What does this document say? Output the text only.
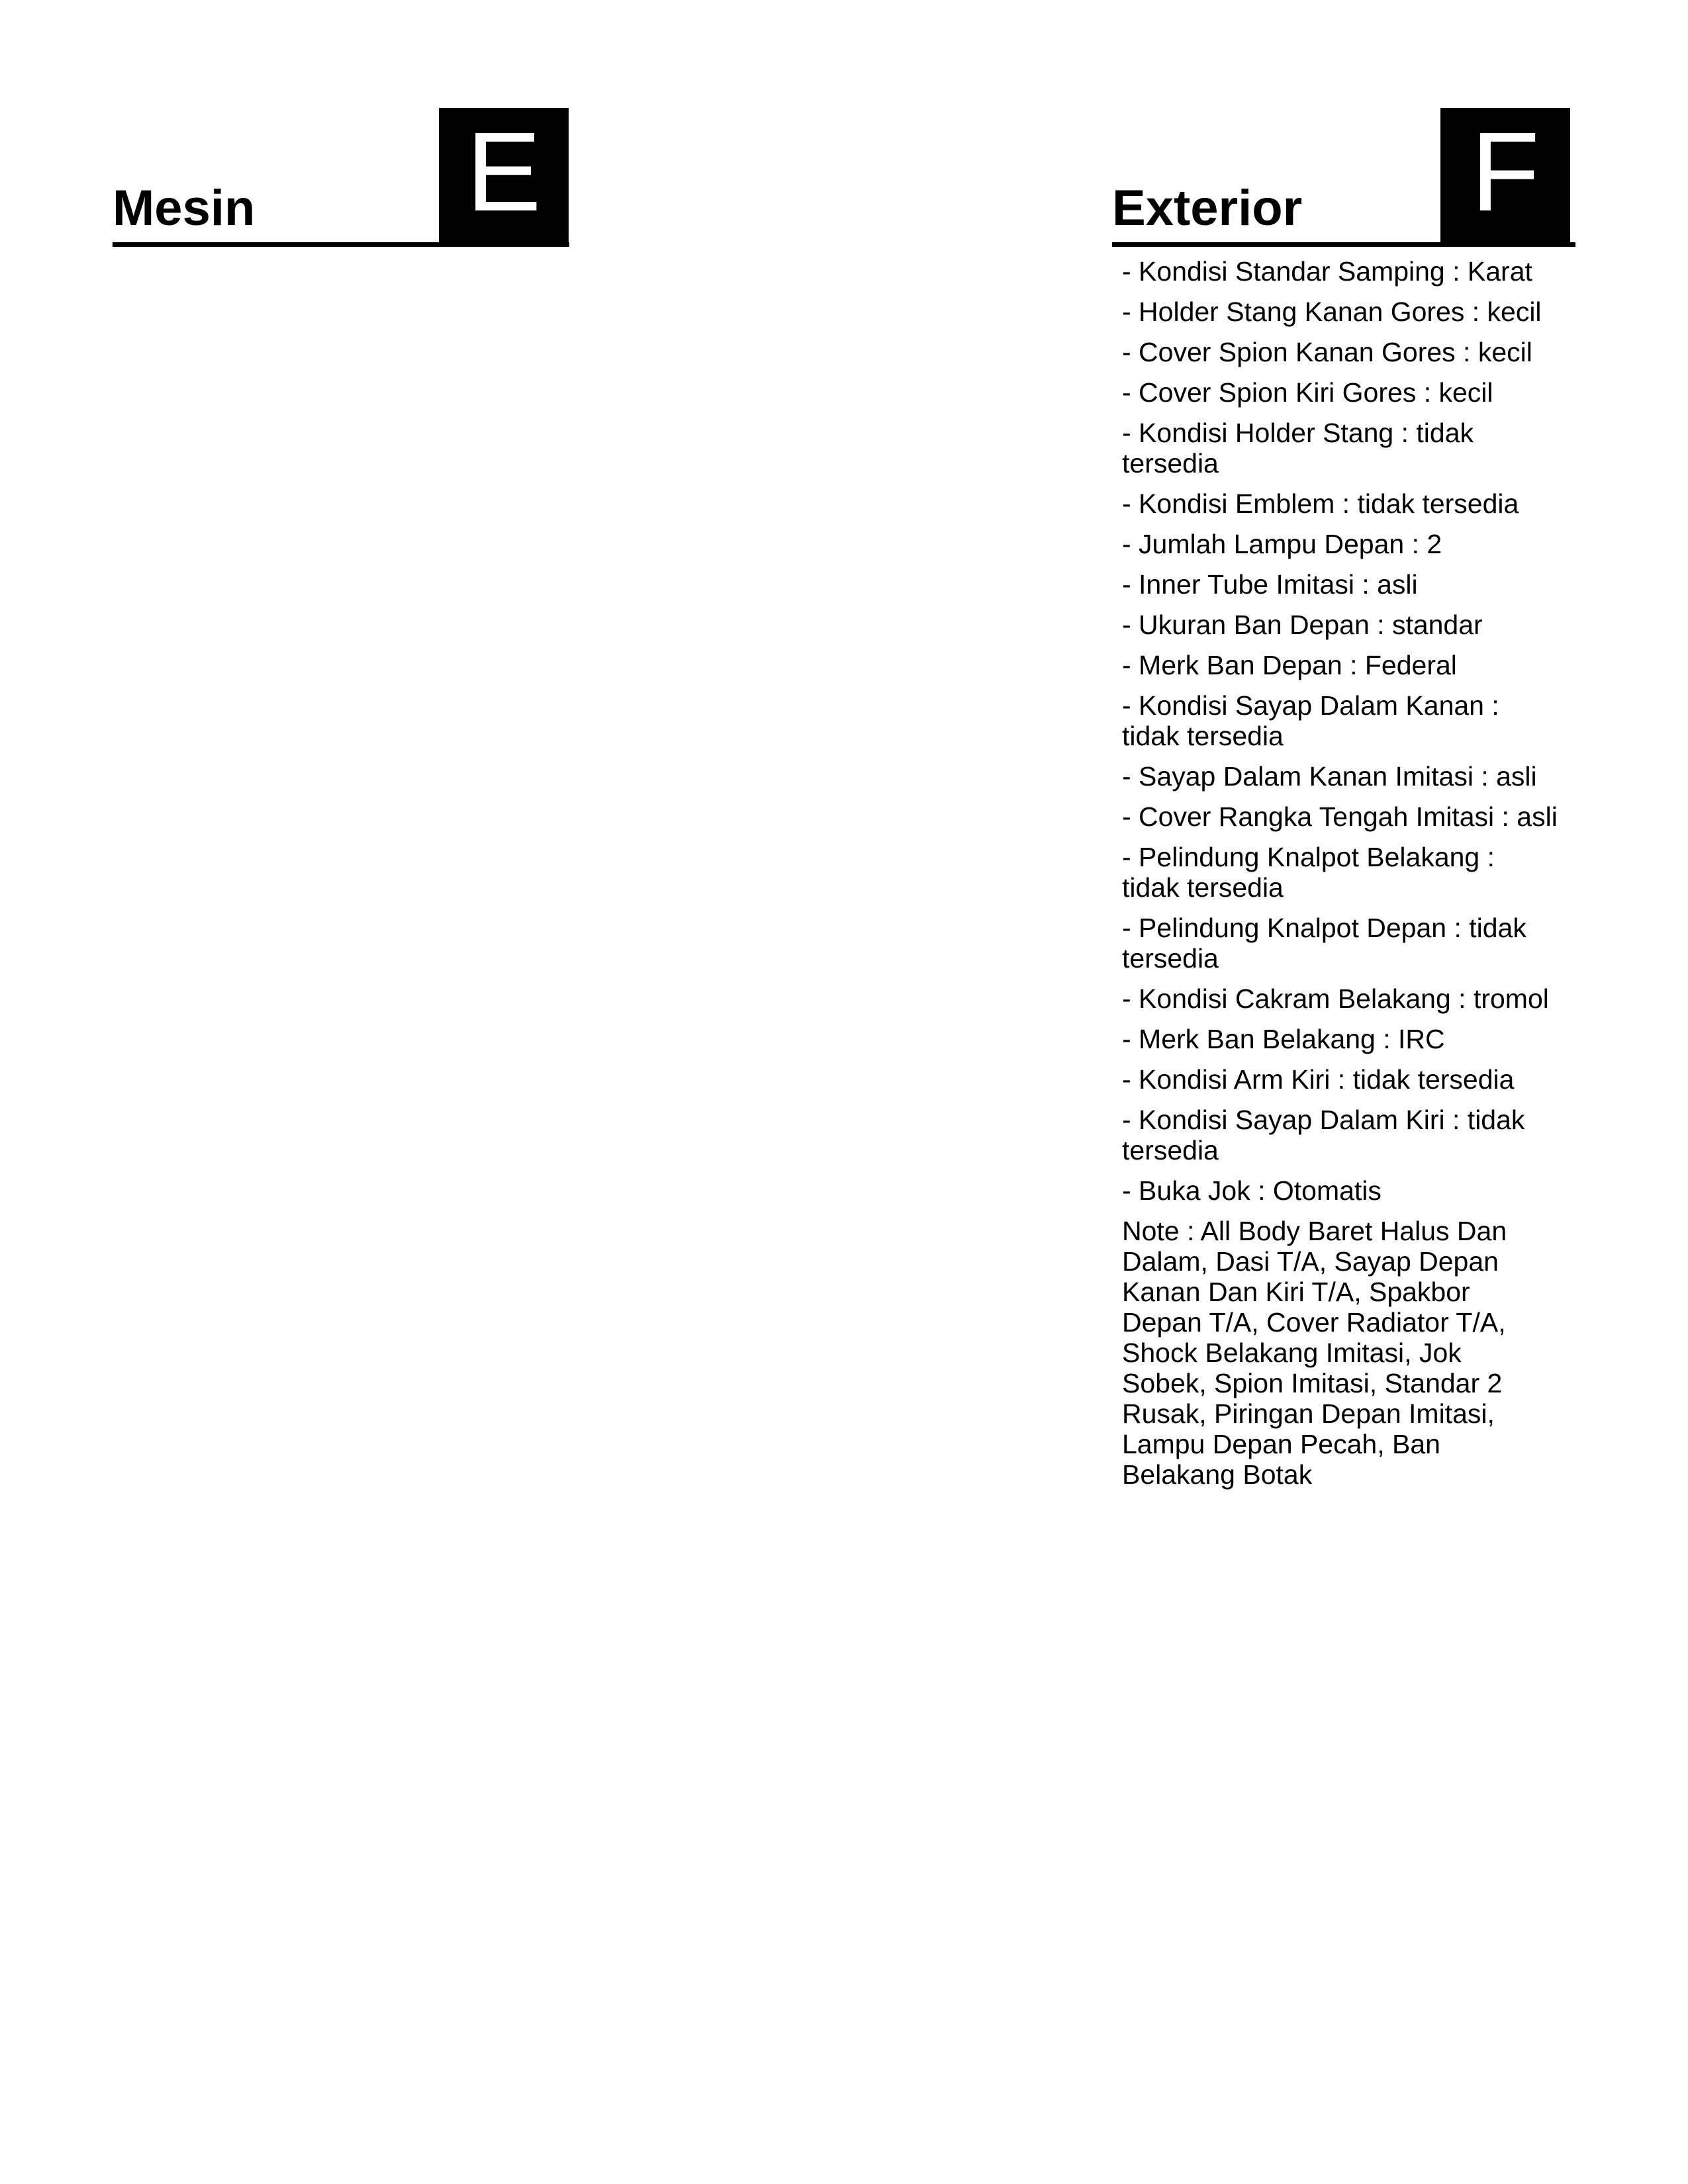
Mesin E	Exterior F
- Kondisi Standar Samping : Karat
- Holder Stang Kanan Gores : kecil
- Cover Spion Kanan Gores : kecil
- Cover Spion Kiri Gores : kecil
- Kondisi Holder Stang : tidak tersedia
- Kondisi Emblem : tidak tersedia
- Jumlah Lampu Depan : 2
- Inner Tube Imitasi : asli
- Ukuran Ban Depan : standar
- Merk Ban Depan : Federal
- Kondisi Sayap Dalam Kanan : tidak tersedia
- Sayap Dalam Kanan Imitasi : asli
- Cover Rangka Tengah Imitasi : asli
- Pelindung Knalpot Belakang : tidak tersedia
- Pelindung Knalpot Depan : tidak tersedia
- Kondisi Cakram Belakang : tromol
- Merk Ban Belakang : IRC
- Kondisi Arm Kiri : tidak tersedia
- Kondisi Sayap Dalam Kiri : tidak tersedia
- Buka Jok : Otomatis
Note : All Body Baret Halus Dan Dalam, Dasi T/A, Sayap Depan Kanan Dan Kiri T/A, Spakbor Depan T/A, Cover Radiator T/A, Shock Belakang Imitasi, Jok Sobek, Spion Imitasi, Standar 2 Rusak, Piringan Depan Imitasi, Lampu Depan Pecah, Ban Belakang Botak
